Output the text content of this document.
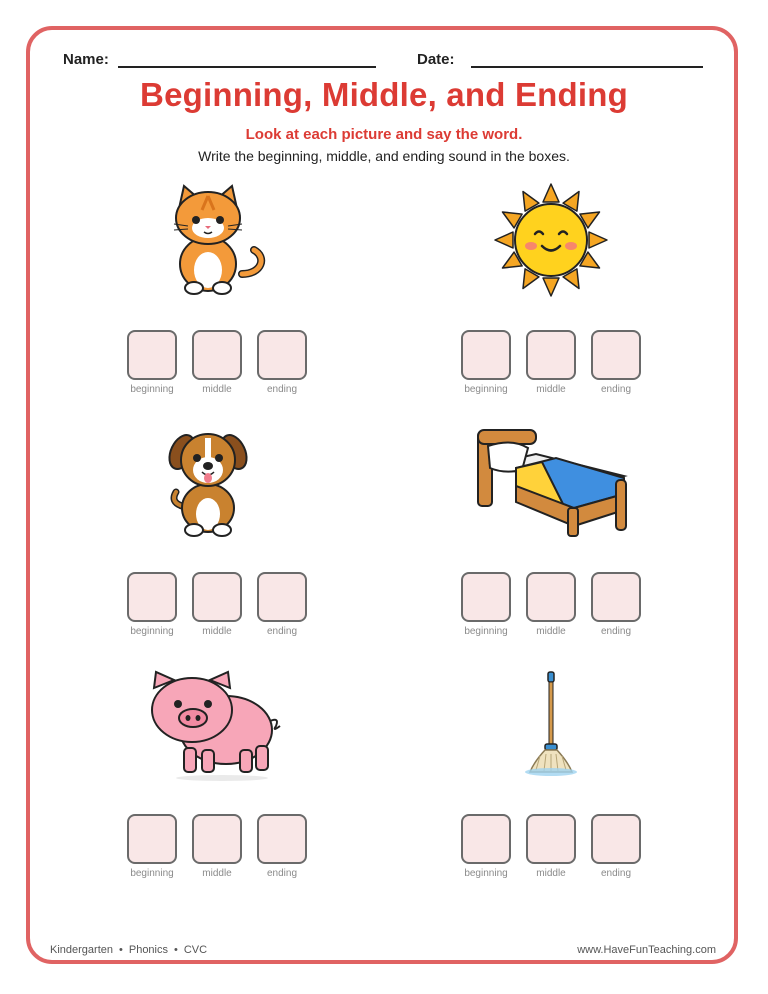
Name:	Date:
Beginning, Middle, and Ending
Look at each picture and say the word.
Write the beginning, middle, and ending sound in the boxes.
beginning	middle	ending	beginning	middle	ending
beginning	middle	ending	beginning	middle	ending
beginning	middle	ending	beginning	middle	ending
Kindergarten • Phonics • CVC	www.HaveFunTeaching.com
